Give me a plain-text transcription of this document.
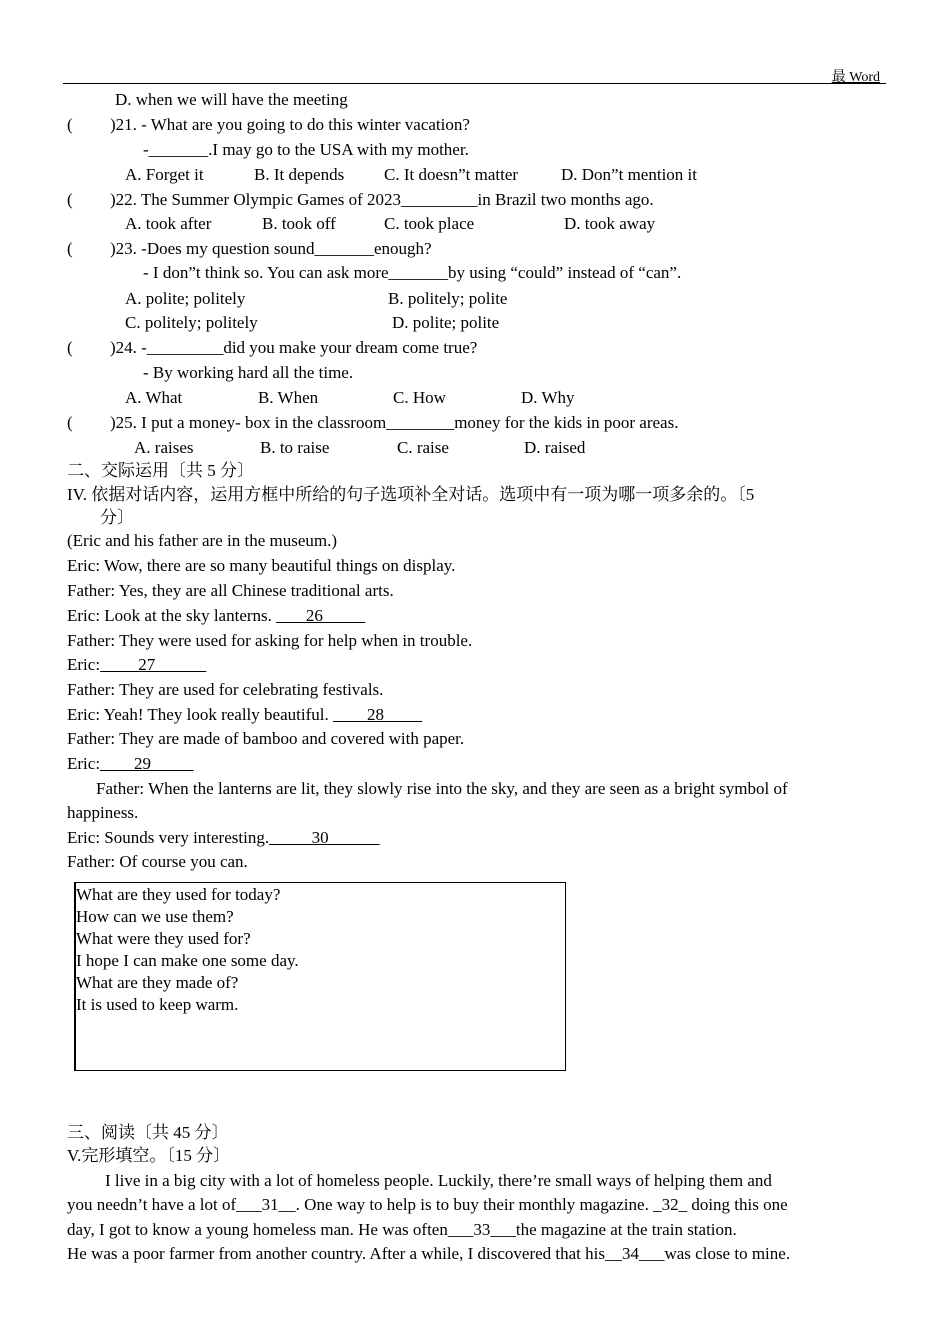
最 Word
D. when we will have the meeting
( )21. - What are you going to do this winter vacation?
-_______.I may go to the USA with my mother.
A. Forget it	B. It depends C. It doesn”t matter	D. Don”t mention it
( )22. The Summer Olympic Games of 2023_________in Brazil two months ago.
A. took after	B. took off	C. took place	D. took away
( )23. -Does my question sound_______enough?
- I don”t think so. You can ask more_______by using “could” instead of “can”.
A. polite; politely	B. politely; polite
C. politely; politely	D. polite; polite
( )24. -_________did you make your dream come true?
- By working hard all the time.
A. What	B. When	C. How	D. Why
( )25. I put a money- box in the classroom________money for the kids in poor areas.
A. raises	B. to raise	C. raise	D. raised
二、交际运用〔共 5 分〕
IV. 依据对话内容，运用方框中所给的句子选项补全对话。选项中有一项为哪一项多余的。〔5
分〕
(Eric and his father are in the museum.)
Eric: Wow, there are so many beautiful things on display.
Father: Yes, they are all Chinese traditional arts.
Eric: Look at the sky lanterns.        26
Father: They were used for asking for help when in trouble.
Eric:         27
Father: They are used for celebrating festivals.
Eric: Yeah! They look really beautiful.         28
Father: They are made of bamboo and covered with paper.
Eric:        29
Father: When the lanterns are lit, they slowly rise into the sky, and they are seen as a bright symbol of
happiness.
Eric: Sounds very interesting.          30
Father: Of course you can.
What are they used for today?
How can we use them?
What were they used for?
I hope I can make one some day.
What are they made of?
It is used to keep warm.
三、阅读〔共 45 分〕
V.完形填空。〔15 分〕
I live in a big city with a lot of homeless people. Luckily, there’re small ways of helping them and
you needn’t have a lot of___31__. One way to help is to buy their monthly magazine. _32_ doing this one
day, I got to know a young homeless man. He was often___33___the magazine at the train station.
He was a poor farmer from another country. After a while, I discovered that his__34___was close to mine.
